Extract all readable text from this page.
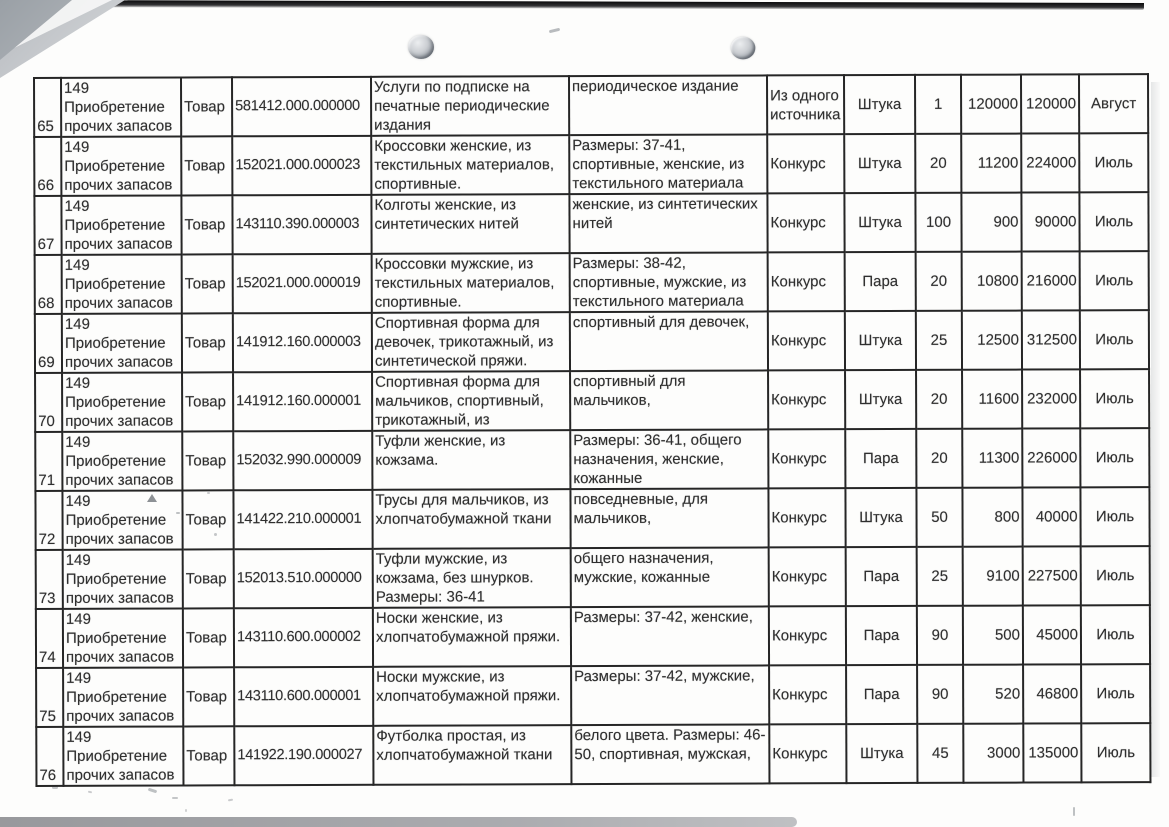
65	149 Приобретение прочих запасов	Товар	581412.000.000000	Услуги по подписке на печатные периодические издания	периодическое издание	Из одного источника	Штука	1	120000	120000	Август
66	149 Приобретение прочих запасов	Товар	152021.000.000023	Кроссовки женские, из текстильных материалов, спортивные.	Размеры: 37-41, спортивные, женские, из текстильного материала	Конкурс	Штука	20	11200	224000	Июль
67	149 Приобретение прочих запасов	Товар	143110.390.000003	Колготы женские, из синтетических нитей	женские, из синтетических нитей	Конкурс	Штука	100	900	90000	Июль
68	149 Приобретение прочих запасов	Товар	152021.000.000019	Кроссовки мужские, из текстильных материалов, спортивные.	Размеры: 38-42, спортивные, мужские, из текстильного материала	Конкурс	Пара	20	10800	216000	Июль
69	149 Приобретение прочих запасов	Товар	141912.160.000003	Спортивная форма для девочек, трикотажный, из синтетической пряжи.	спортивный для девочек,	Конкурс	Штука	25	12500	312500	Июль
70	149 Приобретение прочих запасов	Товар	141912.160.000001	Спортивная форма для мальчиков, спортивный, трикотажный, из	спортивный для мальчиков,	Конкурс	Штука	20	11600	232000	Июль
71	149 Приобретение прочих запасов	Товар	152032.990.000009	Туфли женские, из кожзама.	Размеры: 36-41, общего назначения, женские, кожанные	Конкурс	Пара	20	11300	226000	Июль
72	149 Приобретение прочих запасов	Товар	141422.210.000001	Трусы для мальчиков, из хлопчатобумажной ткани	повседневные, для мальчиков,	Конкурс	Штука	50	800	40000	Июль
73	149 Приобретение прочих запасов	Товар	152013.510.000000	Туфли мужские, из кожзама, без шнурков. Размеры: 36-41	общего назначения, мужские, кожанные	Конкурс	Пара	25	9100	227500	Июль
74	149 Приобретение прочих запасов	Товар	143110.600.000002	Носки женские, из хлопчатобумажной пряжи.	Размеры: 37-42, женские,	Конкурс	Пара	90	500	45000	Июль
75	149 Приобретение прочих запасов	Товар	143110.600.000001	Носки мужские, из хлопчатобумажной пряжи.	Размеры: 37-42, мужские,	Конкурс	Пара	90	520	46800	Июль
76	149 Приобретение прочих запасов	Товар	141922.190.000027	Футболка простая, из хлопчатобумажной ткани	белого цвета. Размеры: 46-50, спортивная, мужская,	Конкурс	Штука	45	3000	135000	Июль
